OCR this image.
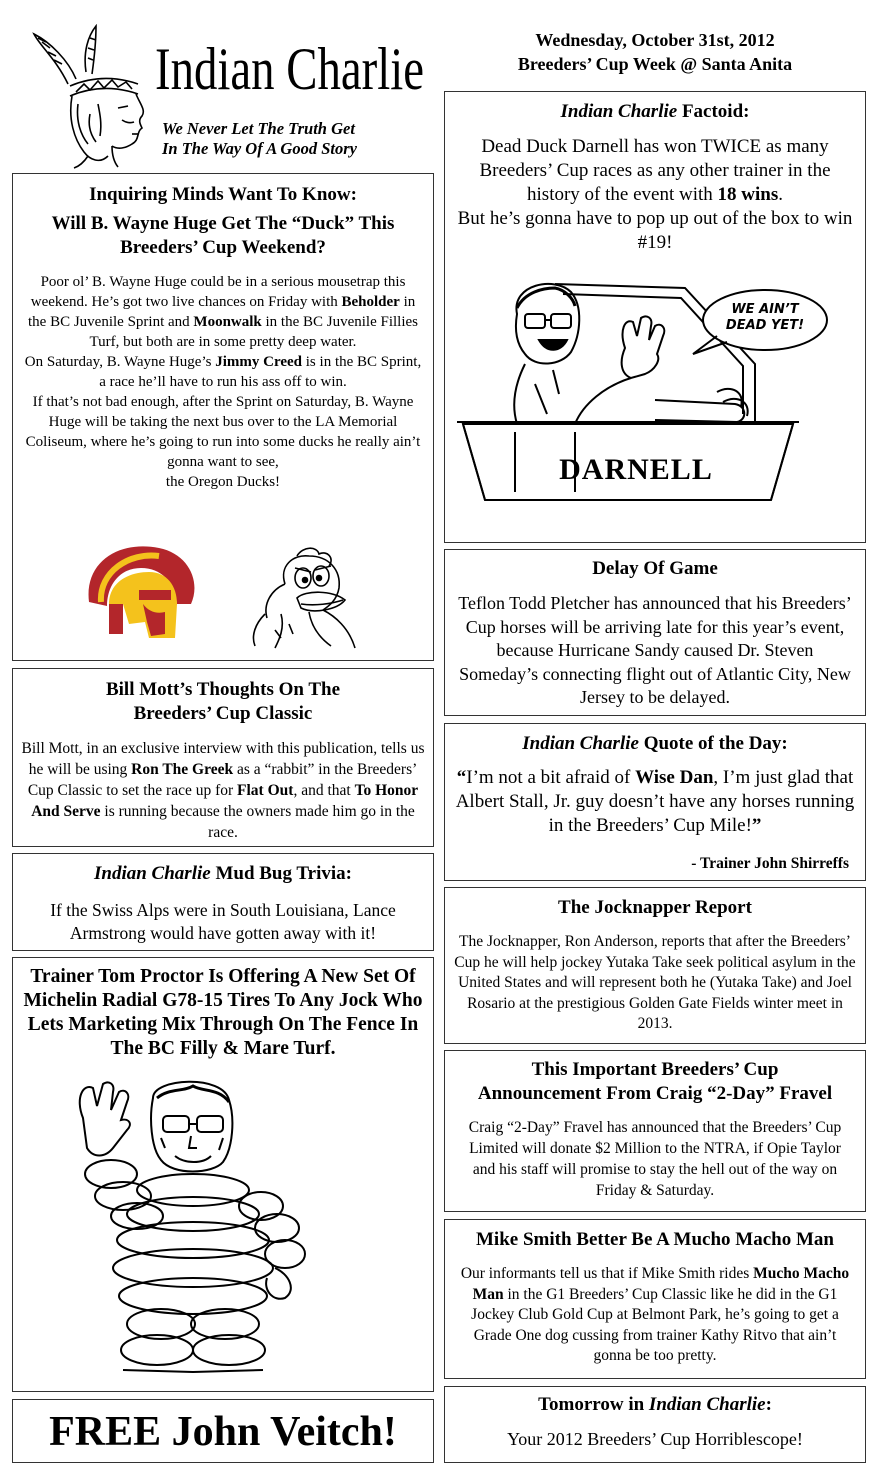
Indian Charlie
We Never Let The Truth Get
In The Way Of A Good Story
Wednesday, October 31st, 2012
Breeders’ Cup Week @ Santa Anita
Inquiring Minds Want To Know:
Will B. Wayne Huge Get The “Duck” This
Breeders’ Cup Weekend?

Poor ol’ B. Wayne Huge could be in a serious mousetrap this weekend. He’s got two live chances on Friday with Beholder in the BC Juvenile Sprint and Moonwalk in the BC Juvenile Fillies Turf, but both are in some pretty deep water.

On Saturday, B. Wayne Huge’s Jimmy Creed is in the BC Sprint, a race he’ll have to run his ass off to win.

If that’s not bad enough, after the Sprint on Saturday, B. Wayne Huge will be taking the next bus over to the LA Memorial Coliseum, where he’s going to run into some ducks he really ain’t gonna want to see,

the Oregon Ducks!

Bill Mott’s Thoughts On The
Breeders’ Cup Classic

Bill Mott, in an exclusive interview with this publication, tells us he will be using Ron The Greek as a “rabbit” in the Breeders’ Cup Classic to set the race up for Flat Out, and that To Honor And Serve is running because the owners made him go in the race.

Indian Charlie Mud Bug Trivia:

If the Swiss Alps were in South Louisiana, Lance Armstrong would have gotten away with it!

Trainer Tom Proctor Is Offering A New Set Of Michelin Radial G78-15 Tires To Any Jock Who Lets Marketing Mix Through On The Fence In The BC Filly & Mare Turf.

FREE John Veitch!
Indian Charlie Factoid:

Dead Duck Darnell has won TWICE as many Breeders’ Cup races as any other trainer in the history of the event with 18 wins.

But he’s gonna have to pop up out of the box to win #19!

WE AIN’T
DEAD YET!
DARNELL
Delay Of Game

Teflon Todd Pletcher has announced that his Breeders’ Cup horses will be arriving late for this year’s event, because Hurricane Sandy caused Dr. Steven Someday’s connecting flight out of Atlantic City, New Jersey to be delayed.

Indian Charlie Quote of the Day:

“I’m not a bit afraid of Wise Dan, I’m just glad that Albert Stall, Jr. guy doesn’t have any horses running in the Breeders’ Cup Mile!”

- Trainer John Shirreffs
The Jocknapper Report

The Jocknapper, Ron Anderson, reports that after the Breeders’ Cup he will help jockey Yutaka Take seek political asylum in the United States and will represent both he (Yutaka Take) and Joel Rosario at the prestigious Golden Gate Fields winter meet in 2013.

This Important Breeders’ Cup
Announcement From Craig “2-Day” Fravel

Craig “2-Day” Fravel has announced that the Breeders’ Cup Limited will donate $2 Million to the NTRA, if Opie Taylor and his staff will promise to stay the hell out of the way on Friday & Saturday.

Mike Smith Better Be A Mucho Macho Man

Our informants tell us that if Mike Smith rides Mucho Macho Man in the G1 Breeders’ Cup Classic like he did in the G1 Jockey Club Gold Cup at Belmont Park, he’s going to get a Grade One dog cussing from trainer Kathy Ritvo that ain’t gonna be too pretty.

Tomorrow in Indian Charlie:

Your 2012 Breeders’ Cup Horriblescope!
